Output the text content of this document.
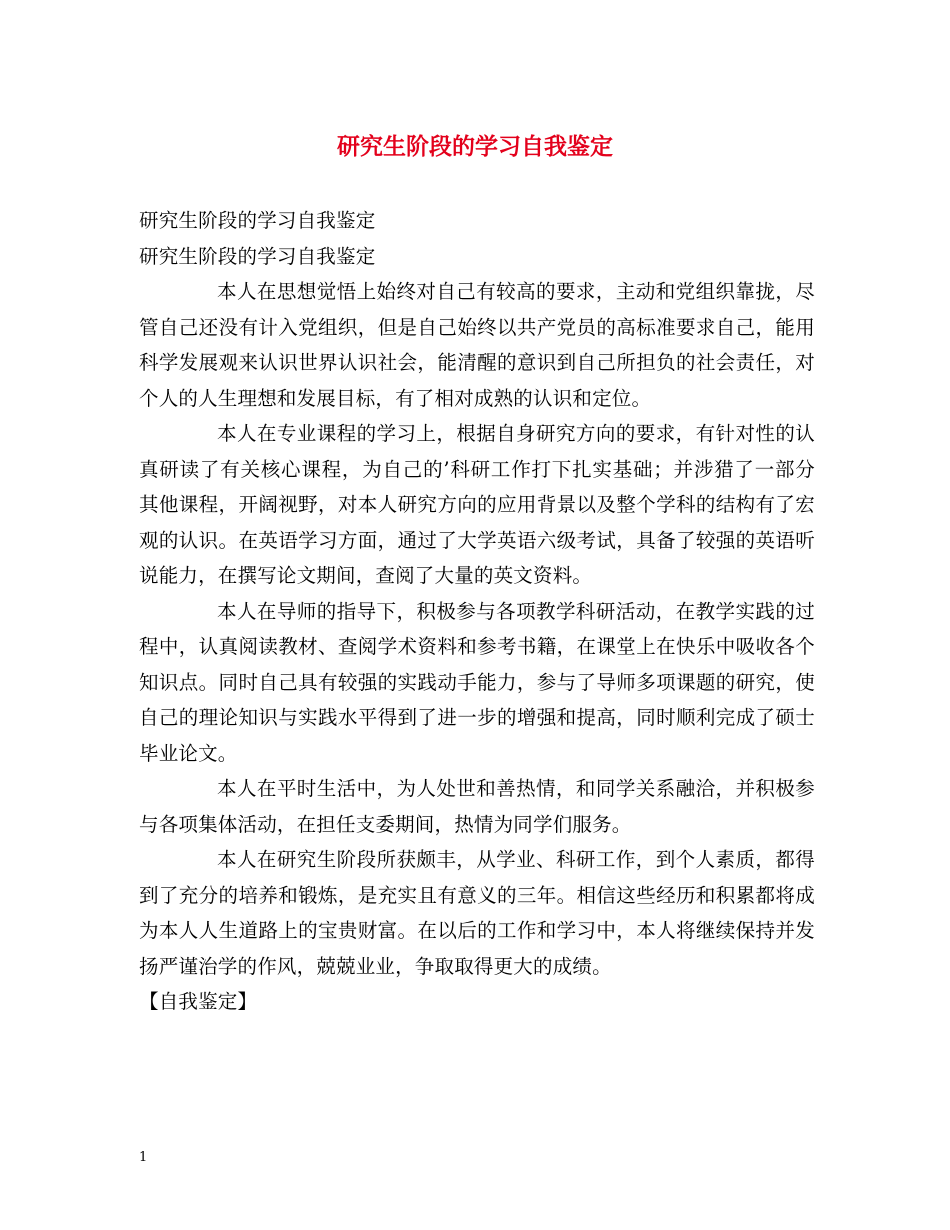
研究生阶段的学习自我鉴定

研究生阶段的学习自我鉴定

研究生阶段的学习自我鉴定

本人在思想觉悟上始终对自己有较高的要求，主动和党组织靠拢，尽管自己还没有计入党组织，但是自己始终以共产党员的高标准要求自己，能用科学发展观来认识世界认识社会，能清醒的意识到自己所担负的社会责任，对个人的人生理想和发展目标，有了相对成熟的认识和定位。

本人在专业课程的学习上，根据自身研究方向的要求，有针对性的认真研读了有关核心课程，为自己的’科研工作打下扎实基础；并涉猎了一部分其他课程，开阔视野，对本人研究方向的应用背景以及整个学科的结构有了宏观的认识。在英语学习方面，通过了大学英语六级考试，具备了较强的英语听说能力，在撰写论文期间，查阅了大量的英文资料。

本人在导师的指导下，积极参与各项教学科研活动，在教学实践的过程中，认真阅读教材、查阅学术资料和参考书籍，在课堂上在快乐中吸收各个知识点。同时自己具有较强的实践动手能力，参与了导师多项课题的研究，使自己的理论知识与实践水平得到了进一步的增强和提高，同时顺利完成了硕士毕业论文。

本人在平时生活中，为人处世和善热情，和同学关系融洽，并积极参与各项集体活动，在担任支委期间，热情为同学们服务。

本人在研究生阶段所获颇丰，从学业、科研工作，到个人素质，都得到了充分的培养和锻炼，是充实且有意义的三年。相信这些经历和积累都将成为本人人生道路上的宝贵财富。在以后的工作和学习中，本人将继续保持并发扬严谨治学的作风，兢兢业业，争取取得更大的成绩。

【自我鉴定】

1
